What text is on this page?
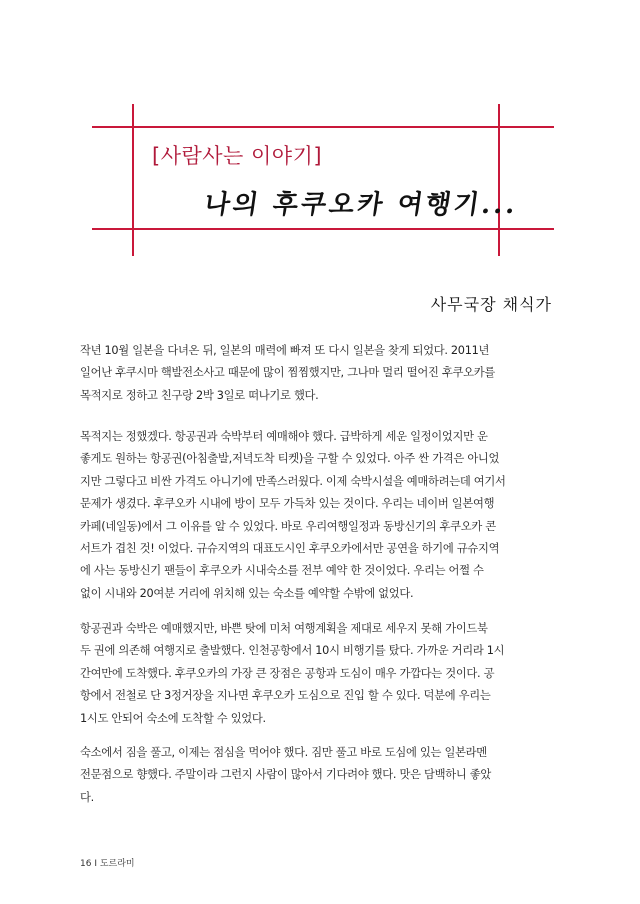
[사람사는 이야기]
나의 후쿠오카 여행기...
사무국장 채식가

작년 10월 일본을 다녀온 뒤, 일본의 매력에 빠져 또 다시 일본을 찾게 되었다. 2011년

일어난 후쿠시마 핵발전소사고 때문에 많이 찜찜했지만, 그나마 멀리 떨어진 후쿠오카를

목적지로 정하고 친구랑 2박 3일로 떠나기로 했다.

목적지는 정했겠다. 항공권과 숙박부터 예매해야 했다. 급박하게 세운 일정이었지만 운

좋게도 원하는 항공권(아침출발,저녁도착 티켓)을 구할 수 있었다. 아주 싼 가격은 아니었

지만 그렇다고 비싼 가격도 아니기에 만족스러웠다. 이제 숙박시설을 예매하려는데 여기서

문제가 생겼다. 후쿠오카 시내에 방이 모두 가득차 있는 것이다. 우리는 네이버 일본여행

카페(네일동)에서 그 이유를 알 수 있었다. 바로 우리여행일정과 동방신기의 후쿠오카 콘

서트가 겹친 것! 이었다. 규슈지역의 대표도시인 후쿠오카에서만 공연을 하기에 규슈지역

에 사는 동방신기 팬들이 후쿠오카 시내숙소를 전부 예약 한 것이었다. 우리는 어쩔 수

없이 시내와 20여분 거리에 위치해 있는 숙소를 예약할 수밖에 없었다.

항공권과 숙박은 예매했지만, 바쁜 탓에 미처 여행계획을 제대로 세우지 못해 가이드북

두 권에 의존해 여행지로 출발했다. 인천공항에서 10시 비행기를 탔다. 가까운 거리라 1시

간여만에 도착했다. 후쿠오카의 가장 큰 장점은 공항과 도심이 매우 가깝다는 것이다. 공

항에서 전철로 단 3정거장을 지나면 후쿠오카 도심으로 진입 할 수 있다. 덕분에 우리는

1시도 안되어 숙소에 도착할 수 있었다.

숙소에서 짐을 풀고, 이제는 점심을 먹어야 했다. 짐만 풀고 바로 도심에 있는 일본라멘

전문점으로 향했다. 주말이라 그런지 사람이 많아서 기다려야 했다. 맛은 담백하니 좋았

다.

16 I 도르라미
